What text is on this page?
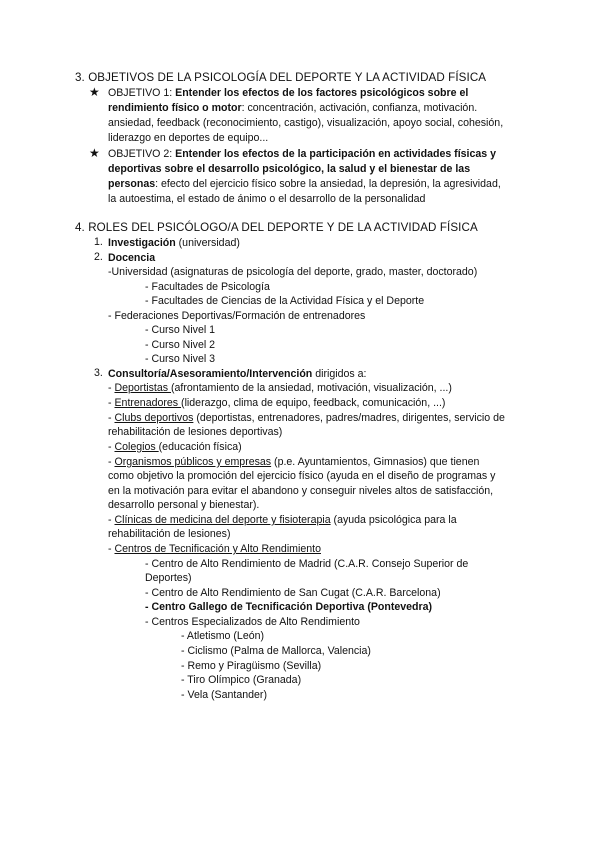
3. OBJETIVOS DE LA PSICOLOGÍA DEL DEPORTE Y LA ACTIVIDAD FÍSICA
★ OBJETIVO 1: Entender los efectos de los factores psicológicos sobre el
rendimiento físico o motor: concentración, activación, confianza, motivación.
ansiedad, feedback (reconocimiento, castigo), visualización, apoyo social, cohesión,
liderazgo en deportes de equipo...
★ OBJETIVO 2: Entender los efectos de la participación en actividades físicas y
deportivas sobre el desarrollo psicológico, la salud y el bienestar de las
personas: efecto del ejercicio físico sobre la ansiedad, la depresión, la agresividad,
la autoestima, el estado de ánimo o el desarrollo de la personalidad
4. ROLES DEL PSICÓLOGO/A DEL DEPORTE Y DE LA ACTIVIDAD FÍSICA
1. Investigación (universidad)
2. Docencia
-Universidad (asignaturas de psicología del deporte, grado, master, doctorado)
- Facultades de Psicología
- Facultades de Ciencias de la Actividad Física y el Deporte
- Federaciones Deportivas/Formación de entrenadores
- Curso Nivel 1
- Curso Nivel 2
- Curso Nivel 3
3. Consultoría/Asesoramiento/Intervención dirigidos a:
- Deportistas (afrontamiento de la ansiedad, motivación, visualización, ...)
- Entrenadores (liderazgo, clima de equipo, feedback, comunicación, ...)
- Clubs deportivos (deportistas, entrenadores, padres/madres, dirigentes, servicio de
rehabilitación de lesiones deportivas)
- Colegios (educación física)
- Organismos públicos y empresas (p.e. Ayuntamientos, Gimnasios) que tienen
como objetivo la promoción del ejercicio físico (ayuda en el diseño de programas y
en la motivación para evitar el abandono y conseguir niveles altos de satisfacción,
desarrollo personal y bienestar).
- Clínicas de medicina del deporte y fisioterapia (ayuda psicológica para la
rehabilitación de lesiones)
- Centros de Tecnificación y Alto Rendimiento
- Centro de Alto Rendimiento de Madrid (C.A.R. Consejo Superior de
Deportes)
- Centro de Alto Rendimiento de San Cugat (C.A.R. Barcelona)
- Centro Gallego de Tecnificación Deportiva (Pontevedra)
- Centros Especializados de Alto Rendimiento
- Atletismo (León)
- Ciclismo (Palma de Mallorca, Valencia)
- Remo y Piragüismo (Sevilla)
- Tiro Olímpico (Granada)
- Vela (Santander)
